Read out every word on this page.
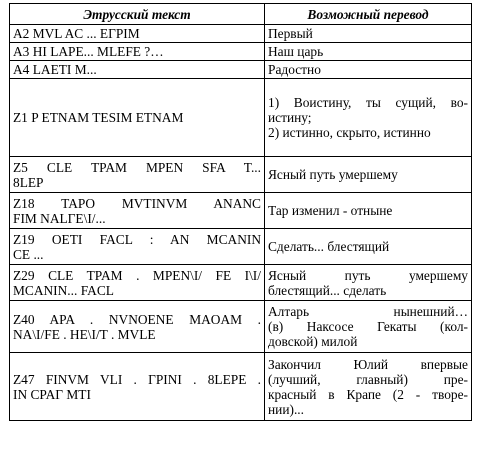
Этрусский текст	Возможный перевод

A2 MVL AC ... ЕГPIM	Первый

A3 HI LAPE... MLEFE ?…	Наш царь

A4 LAETI M...	Радостно

Z1 P ETNAM TESIM ETNAM	1) Воистину, ты сущий, во-
истину;
2) истинно, скрыто, истинно

Z5 CLE TPAM MPEN SFA T...
8LEP	Ясный путь умершему

Z18 TAPO MVTINVM ANANC
FIM NALГE\I/...	Тар изменил - отныне

Z19 OETI FACL : AN MCANIN
CE ...	Сделать... блестящий

Z29 CLE TPAM . MPEN\I/ FE I\I/
MCANIN... FACL	Ясный путь умершему
блестящий... сделать

Z40 APA . NVNOENE MAOAM .
NA\I/FE . HE\I/T . MVLE	Алтарь нынешний…
(в) Наксосе Гекаты (кол-
довской) милой

Z47 FINVM VLI . ГPINI . 8LEPE .
IN CPAГ MTI	Закончил Юлий впервые
(лучший, главный) пре-
красный в Крапе (2 - твоpе-
нии)...
